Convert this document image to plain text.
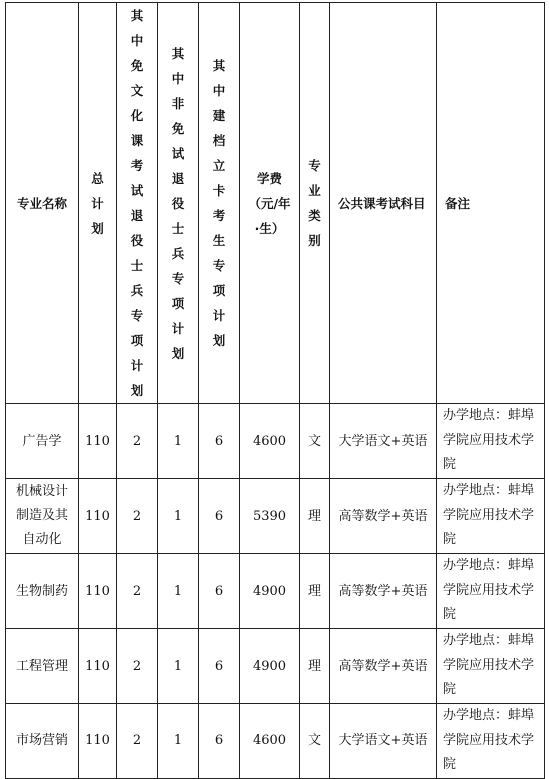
专业名称	总计划	其中免文化课考试退役士兵专项计划	其中非免试退役士兵专项计划	其中建档立卡考生专项计划	学费（元/年·生）	专业类别	公共课考试科目	备注
广告学	110	2	1	6	4600	文	大学语文+英语	办学地点：蚌埠学院应用技术学院
机械设计制造及其自动化	110	2	1	6	5390	理	高等数学+英语	办学地点：蚌埠学院应用技术学院
生物制药	110	2	1	6	4900	理	高等数学+英语	办学地点：蚌埠学院应用技术学院
工程管理	110	2	1	6	4900	理	高等数学+英语	办学地点：蚌埠学院应用技术学院
市场营销	110	2	1	6	4600	文	大学语文+英语	办学地点：蚌埠学院应用技术学院
